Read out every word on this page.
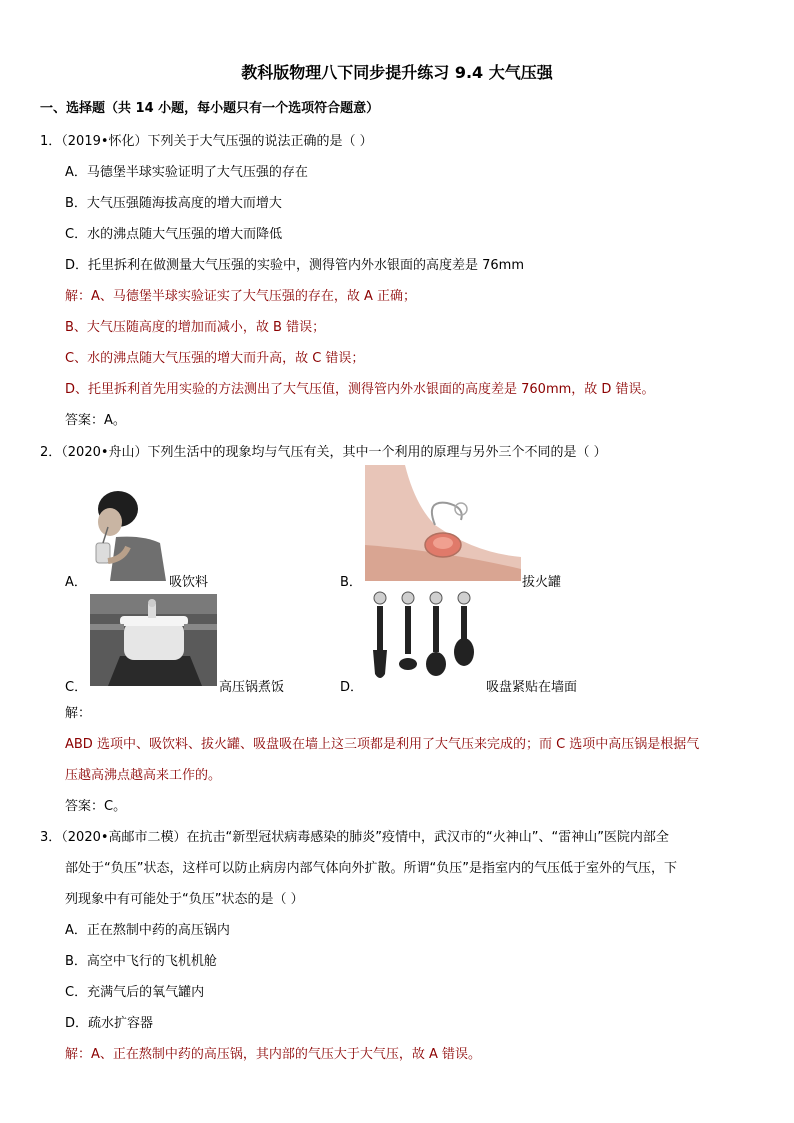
教科版物理八下同步提升练习 9.4 大气压强
一、选择题（共 14 小题，每小题只有一个选项符合题意）
1．（2019•怀化）下列关于大气压强的说法正确的是（ ）
A．马德堡半球实验证明了大气压强的存在
B．大气压强随海拔高度的增大而增大
C．水的沸点随大气压强的增大而降低
D．托里拆利在做测量大气压强的实验中，测得管内外水银面的高度差是 76mm
解：A、马德堡半球实验证实了大气压强的存在，故 A 正确；
B、大气压随高度的增加而减小，故 B 错误；
C、水的沸点随大气压强的增大而升高，故 C 错误；
D、托里拆利首先用实验的方法测出了大气压值，测得管内外水银面的高度差是 760mm，故 D 错误。
答案：A。
2．（2020•舟山）下列生活中的现象均与气压有关，其中一个利用的原理与另外三个不同的是（ ）
A．	吸饮料	B．	拔火罐
C．	高压锅煮饭	D．	吸盘紧贴在墙面
解：
ABD 选项中、吸饮料、拔火罐、吸盘吸在墙上这三项都是利用了大气压来完成的；而 C 选项中高压锅是根据气
压越高沸点越高来工作的。
答案：C。
3．（2020•高邮市二模）在抗击“新型冠状病毒感染的肺炎”疫情中，武汉市的“火神山”、“雷神山”医院内部全
部处于“负压”状态，这样可以防止病房内部气体向外扩散。所谓“负压”是指室内的气压低于室外的气压，下
列现象中有可能处于“负压”状态的是（ ）
A．正在熬制中药的高压锅内
B．高空中飞行的飞机机舱
C．充满气后的氧气罐内
D．疏水扩容器
解：A、正在熬制中药的高压锅，其内部的气压大于大气压，故 A 错误。
